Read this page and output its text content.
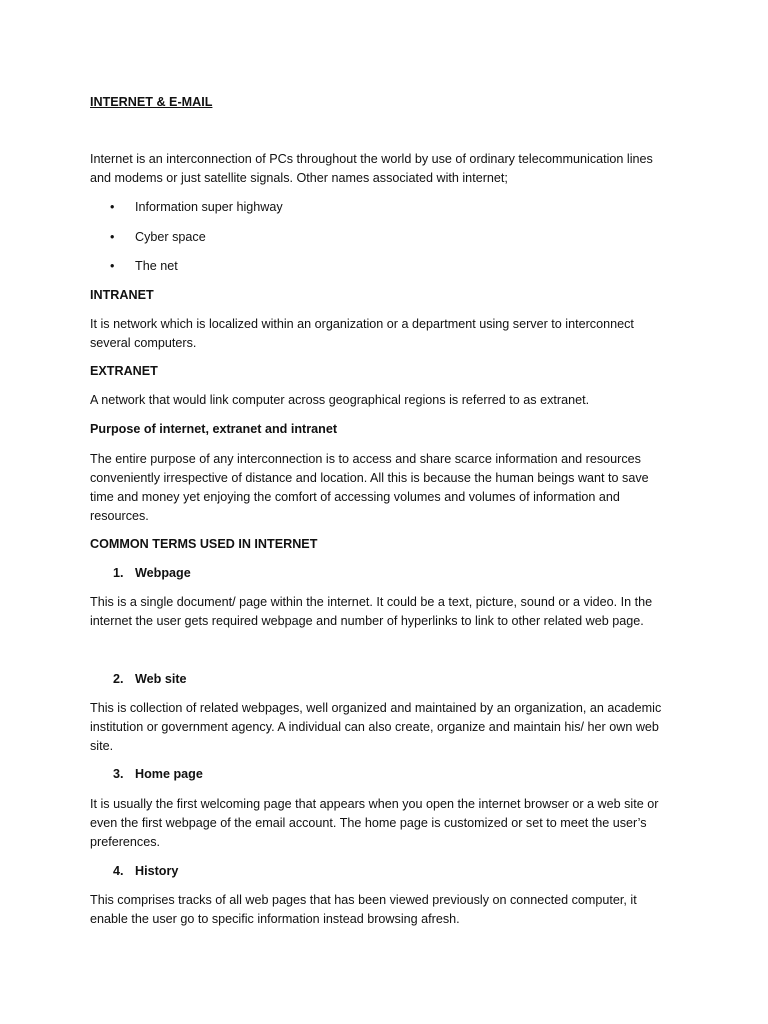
INTERNET & E-MAIL

Internet is an interconnection of PCs throughout the world by use of ordinary telecommunication lines and modems or just satellite signals. Other names associated with internet;

•	Information super highway
•	Cyber space
•	The net

INTRANET

It is network which is localized within an organization or a department using server to interconnect several computers.

EXTRANET

A network that would link computer across geographical regions is referred to as extranet.

Purpose of internet, extranet and intranet

The entire purpose of any interconnection is to access and share scarce information and resources conveniently irrespective of distance and location. All this is because the human beings want to save time and money yet enjoying the comfort of accessing volumes and volumes of information and resources.

COMMON TERMS USED IN INTERNET

1. Webpage

This is a single document/ page within the internet. It could be a text, picture, sound or a video. In the internet the user gets required webpage and number of hyperlinks to link to other related web page.

2. Web site

This is collection of related webpages, well organized and maintained by an organization, an academic institution or government agency. A individual can also create, organize and maintain his/ her own web site.

3. Home page

It is usually the first welcoming page that appears when you open the internet browser or a web site or even the first webpage of the email account. The home page is customized or set to meet the user’s preferences.

4. History

This comprises tracks of all web pages that has been viewed previously on connected computer, it enable the user go to specific information instead browsing afresh.
